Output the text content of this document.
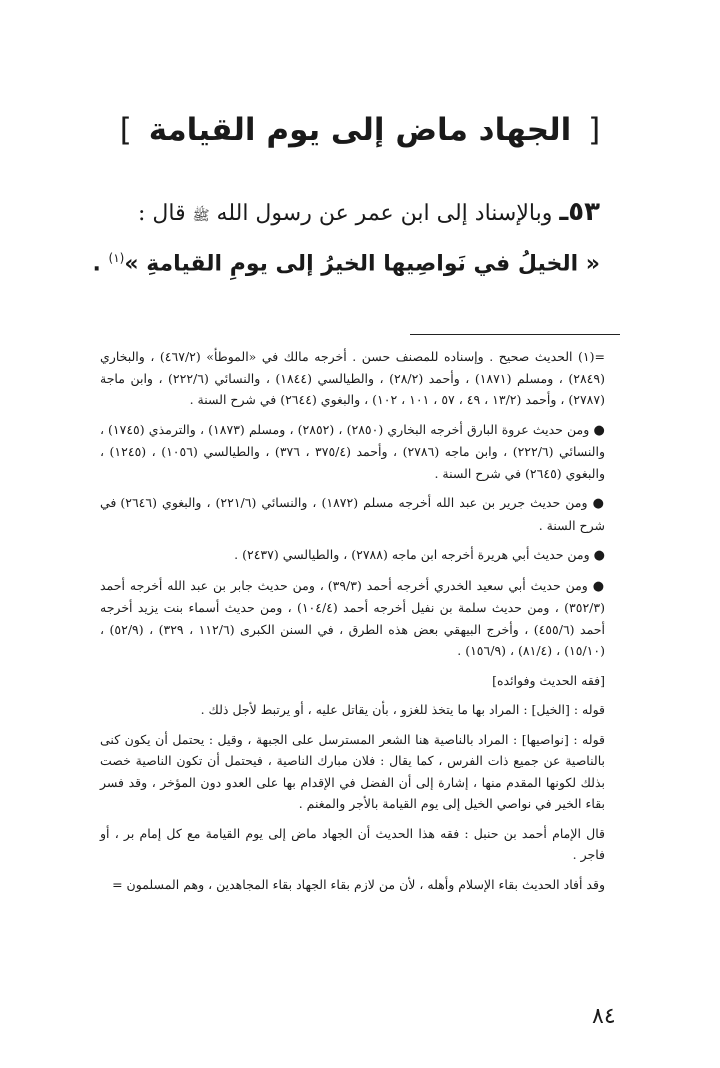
[ الجهاد ماض إلى يوم القيامة ]
٥٣ـ وبالإسناد إلى ابن عمر عن رسول الله ﷺ قال :
« الخيلُ في نَواصِيها الخيرُ إلى يومِ القيامةِ »$^{(١)}$ .

=(١) الحديث صحيح . وإسناده للمصنف حسن . أخرجه مالك في «الموطأ» (٤٦٧/٢) ، والبخاري (٢٨٤٩) ، ومسلم (١٨٧١) ، وأحمد (٢٨/٢) ، والطيالسي (١٨٤٤) ، والنسائي (٢٢٢/٦) ، وابن ماجة (٢٧٨٧) ، وأحمد (١٣/٢ ، ٤٩ ، ٥٧ ، ١٠١ ، ١٠٢) ، والبغوي (٢٦٤٤) في شرح السنة .

● ومن حديث عروة البارق أخرجه البخاري (٢٨٥٠) ، (٢٨٥٢) ، ومسلم (١٨٧٣) ، والترمذي (١٧٤٥) ، والنسائي (٢٢٢/٦) ، وابن ماجه (٢٧٨٦) ، وأحمد (٣٧٥/٤ ، ٣٧٦) ، والطيالسي (١٠٥٦) ، (١٢٤٥) ، والبغوي (٢٦٤٥) في شرح السنة .

● ومن حديث جرير بن عبد الله أخرجه مسلم (١٨٧٢) ، والنسائي (٢٢١/٦) ، والبغوي (٢٦٤٦) في شرح السنة .

● ومن حديث أبي هريرة أخرجه ابن ماجه (٢٧٨٨) ، والطيالسي (٢٤٣٧) .

● ومن حديث أبي سعيد الخدري أخرجه أحمد (٣٩/٣) ، ومن حديث جابر بن عبد الله أخرجه أحمد (٣٥٢/٣) ، ومن حديث سلمة بن نفيل أخرجه أحمد (١٠٤/٤) ، ومن حديث أسماء بنت يزيد أخرجه أحمد (٤٥٥/٦) ، وأخرج البيهقي بعض هذه الطرق ، في السنن الكبرى (١١٢/٦ ، ٣٢٩) ، (٥٢/٩) ، (١٥/١٠) ، (٨١/٤) ، (١٥٦/٩) .

[فقه الحديث وفوائده]

قوله : [الخيل] : المراد بها ما يتخذ للغزو ، بأن يقاتل عليه ، أو يرتبط لأجل ذلك .

قوله : [نواصيها] : المراد بالناصية هنا الشعر المسترسل على الجبهة ، وقيل : يحتمل أن يكون كنى بالناصية عن جميع ذات الفرس ، كما يقال : فلان مبارك الناصية ، فيحتمل أن تكون الناصية خصت بذلك لكونها المقدم منها ، إشارة إلى أن الفضل في الإقدام بها على العدو دون المؤخر ، وقد فسر بقاء الخير في نواصي الخيل إلى يوم القيامة بالأجر والمغنم .

قال الإمام أحمد بن حنبل : فقه هذا الحديث أن الجهاد ماض إلى يوم القيامة مع كل إمام بر ، أو فاجر .

وقد أفاد الحديث بقاء الإسلام وأهله ، لأن من لازم بقاء الجهاد بقاء المجاهدين ، وهم المسلمون =

٨٤
